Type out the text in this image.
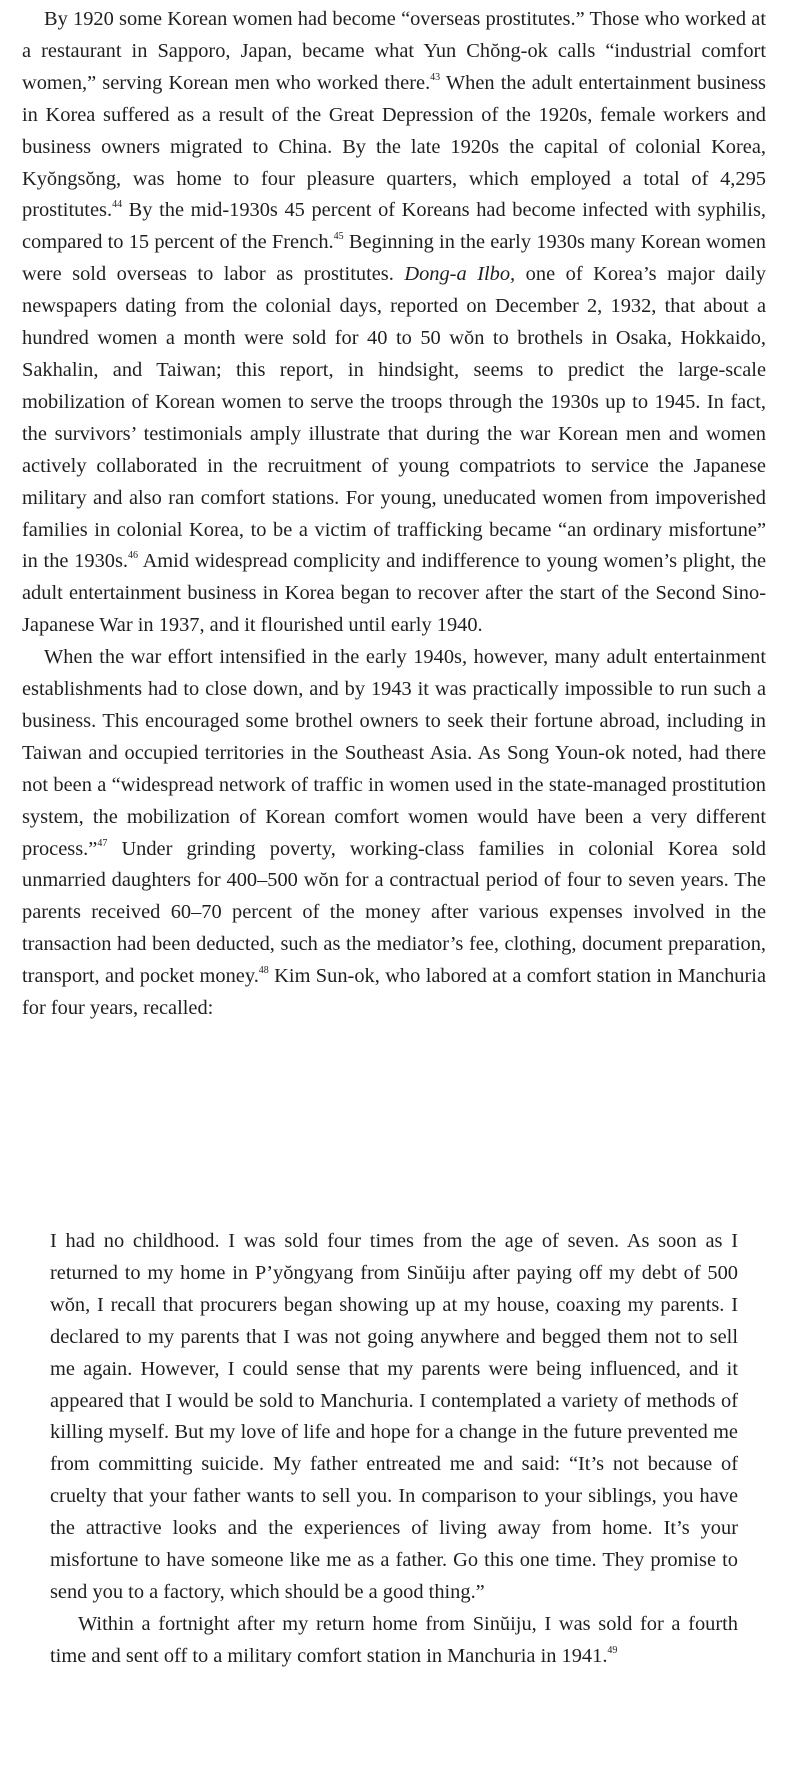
By 1920 some Korean women had become “overseas prostitutes.” Those who worked at a restaurant in Sapporo, Japan, became what Yun Chŏng-ok calls “industrial comfort women,” serving Korean men who worked there.$^{43}$ When the adult entertainment business in Korea suffered as a result of the Great Depression of the 1920s, female workers and business owners migrated to China. By the late 1920s the capital of colonial Korea, Kyŏngsŏng, was home to four pleasure quarters, which employed a total of 4,295 prostitutes.$^{44}$ By the mid-1930s 45 percent of Koreans had become infected with syphilis, compared to 15 percent of the French.$^{45}$ Beginning in the early 1930s many Korean women were sold overseas to labor as prostitutes. Dong-a Ilbo, one of Korea’s major daily newspapers dating from the colonial days, reported on December 2, 1932, that about a hundred women a month were sold for 40 to 50 wŏn to brothels in Osaka, Hokkaido, Sakhalin, and Taiwan; this report, in hindsight, seems to predict the large-scale mobilization of Korean women to serve the troops through the 1930s up to 1945. In fact, the survivors’ testimonials amply illustrate that during the war Korean men and women actively collaborated in the recruitment of young compatriots to service the Japanese military and also ran comfort stations. For young, uneducated women from impoverished families in colonial Korea, to be a victim of trafficking became “an ordinary misfortune” in the 1930s.$^{46}$ Amid widespread complicity and indifference to young women’s plight, the adult entertainment business in Korea began to recover after the start of the Second Sino-Japanese War in 1937, and it flourished until early 1940.

When the war effort intensified in the early 1940s, however, many adult entertainment establishments had to close down, and by 1943 it was practically impossible to run such a business. This encouraged some brothel owners to seek their fortune abroad, including in Taiwan and occupied territories in the Southeast Asia. As Song Youn-ok noted, had there not been a “widespread network of traffic in women used in the state-managed prostitution system, the mobilization of Korean comfort women would have been a very different process.”$^{47}$ Under grinding poverty, working-class families in colonial Korea sold unmarried daughters for 400–500 wŏn for a contractual period of four to seven years. The parents received 60–70 percent of the money after various expenses involved in the transaction had been deducted, such as the mediator’s fee, clothing, document preparation, transport, and pocket money.$^{48}$ Kim Sun-ok, who labored at a comfort station in Manchuria for four years, recalled:

I had no childhood. I was sold four times from the age of seven. As soon as I returned to my home in P’yŏngyang from Sinŭiju after paying off my debt of 500 wŏn, I recall that procurers began showing up at my house, coaxing my parents. I declared to my parents that I was not going anywhere and begged them not to sell me again. However, I could sense that my parents were being influenced, and it appeared that I would be sold to Manchuria. I contemplated a variety of methods of killing myself. But my love of life and hope for a change in the future prevented me from committing suicide. My father entreated me and said: “It’s not because of cruelty that your father wants to sell you. In comparison to your siblings, you have the attractive looks and the experiences of living away from home. It’s your misfortune to have someone like me as a father. Go this one time. They promise to send you to a factory, which should be a good thing.”

Within a fortnight after my return home from Sinŭiju, I was sold for a fourth time and sent off to a military comfort station in Manchuria in 1941.49
